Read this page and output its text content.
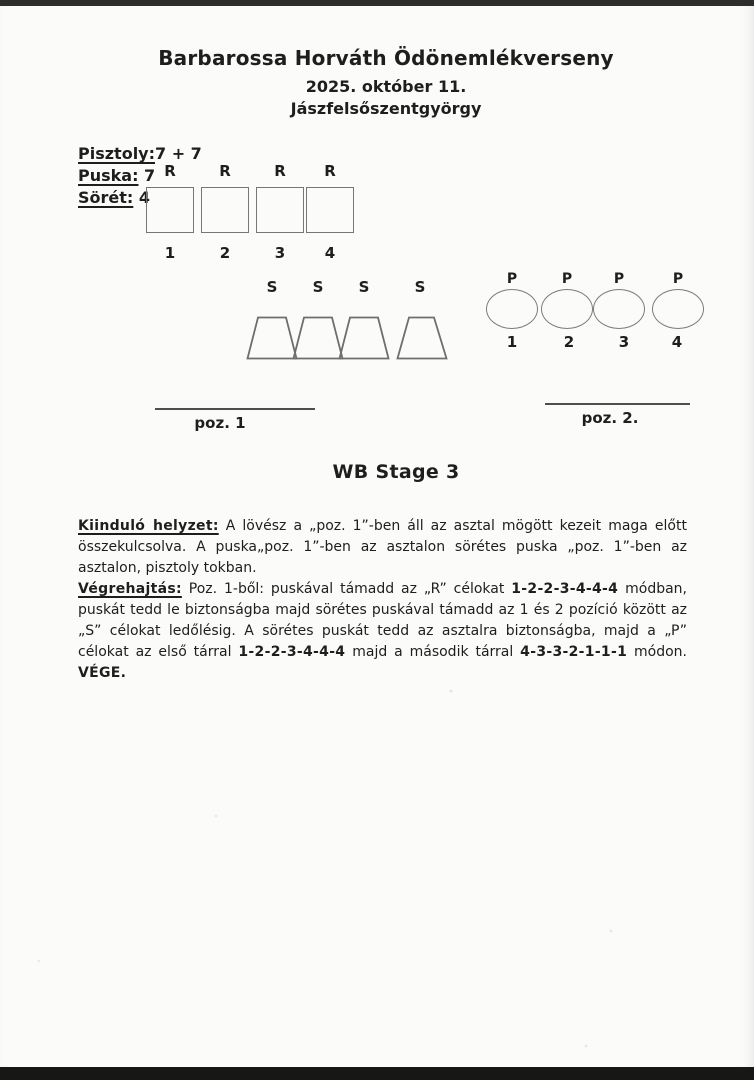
Barbarossa Horváth Ödönemlékverseny
2025. október 11.
Jászfelsőszentgyörgy
Pisztoly:7 + 7
Puska: 7
Sörét: 4
R	R	R	R
1	2	3	4
S	S	S	S	P	P	P	P
1	2	3	4
poz. 1	poz. 2.
WB Stage 3

Kiinduló helyzet: A lövész a „poz. 1”-ben áll az asztal mögött kezeit maga előtt összekulcsolva. A puska„poz. 1”-ben az asztalon sörétes puska „poz. 1”-ben az asztalon, pisztoly tokban.

Végrehajtás: Poz. 1-ből: puskával támadd az „R” célokat 1-2-2-3-4-4-4 módban, puskát tedd le biztonságba majd sörétes puskával támadd az 1 és 2 pozíció között az „S” célokat ledőlésig. A sörétes puskát tedd az asztalra biztonságba, majd a „P” célokat az első tárral 1-2-2-3-4-4-4 majd a második tárral 4-3-3-2-1-1-1 módon. VÉGE.
